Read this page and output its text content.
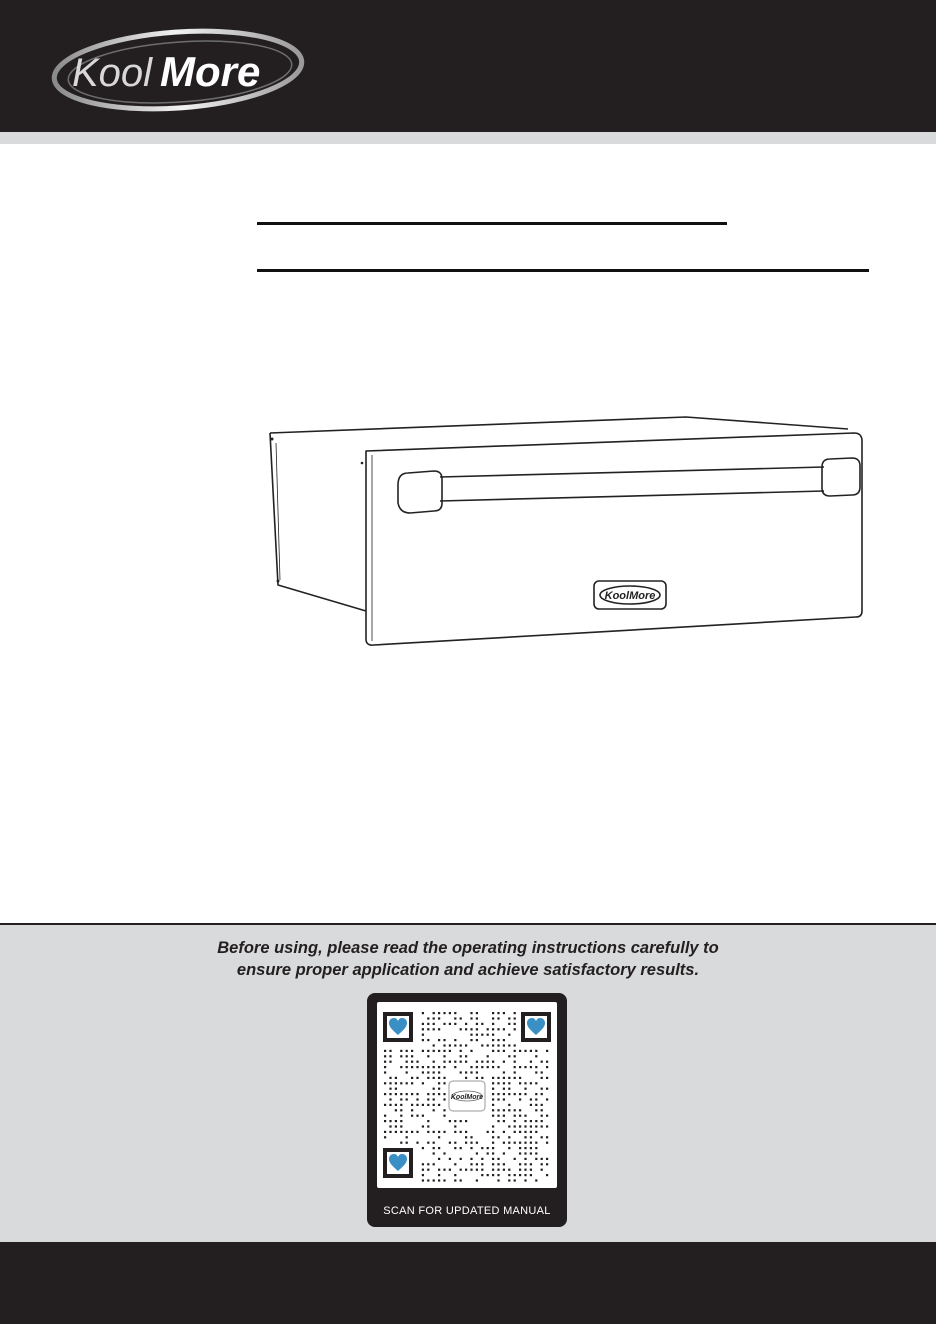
Kool More
KoolMore
Before using, please read the operating instructions carefully to
ensure proper application and achieve satisfactory results.
KoolMore
SCAN FOR UPDATED MANUAL
